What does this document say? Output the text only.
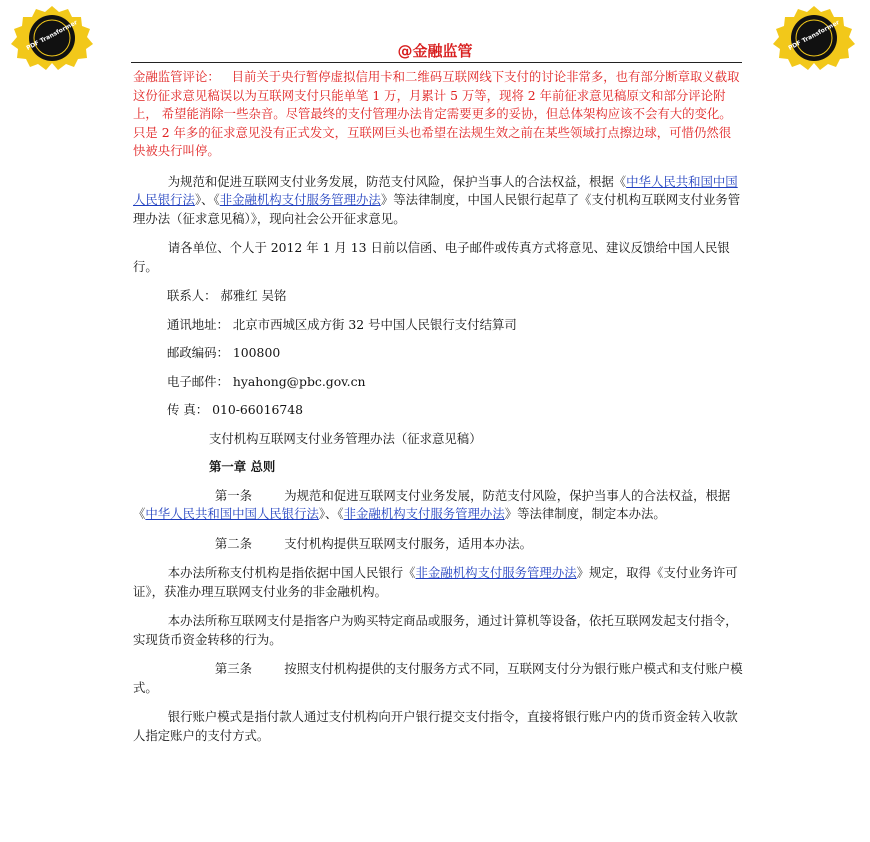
PDF Transformer	PDF Transformer
@金融监管

金融监管评论： 目前关于央行暂停虚拟信用卡和二维码互联网线下支付的讨论非常多，也有部分断章取义截取这份征求意见稿误以为互联网支付只能单笔 1 万，月累计 5 万等，现将 2 年前征求意见稿原文和部分评论附上， 希望能消除一些杂音。尽管最终的支付管理办法肯定需要更多的妥协，但总体架构应该不会有大的变化。只是 2 年多的征求意见没有正式发文，互联网巨头也希望在法规生效之前在某些领域打点擦边球，可惜仍然很快被央行叫停。

为规范和促进互联网支付业务发展，防范支付风险，保护当事人的合法权益，根据《中华人民共和国中国人民银行法》、《非金融机构支付服务管理办法》等法律制度，中国人民银行起草了《支付机构互联网支付业务管理办法（征求意见稿）》，现向社会公开征求意见。

请各单位、个人于 2012 年 1 月 13 日前以信函、电子邮件或传真方式将意见、建议反馈给中国人民银行。

联系人： 郝雅红 吴铭
通讯地址： 北京市西城区成方街 32 号中国人民银行支付结算司
邮政编码： 100800
电子邮件： hyahong@pbc.gov.cn
传 真： 010-66016748
支付机构互联网支付业务管理办法（征求意见稿）
第一章 总则

第一条	为规范和促进互联网支付业务发展，防范支付风险，保护当事人的合法权益，根据《中华人民共和国中国人民银行法》、《非金融机构支付服务管理办法》等法律制度，制定本办法。

第二条	支付机构提供互联网支付服务，适用本办法。

本办法所称支付机构是指依据中国人民银行《非金融机构支付服务管理办法》规定，取得《支付业务许可证》，获准办理互联网支付业务的非金融机构。

本办法所称互联网支付是指客户为购买特定商品或服务，通过计算机等设备，依托互联网发起支付指令，实现货币资金转移的行为。

第三条	按照支付机构提供的支付服务方式不同，互联网支付分为银行账户模式和支付账户模式。

银行账户模式是指付款人通过支付机构向开户银行提交支付指令，直接将银行账户内的货币资金转入收款人指定账户的支付方式。
